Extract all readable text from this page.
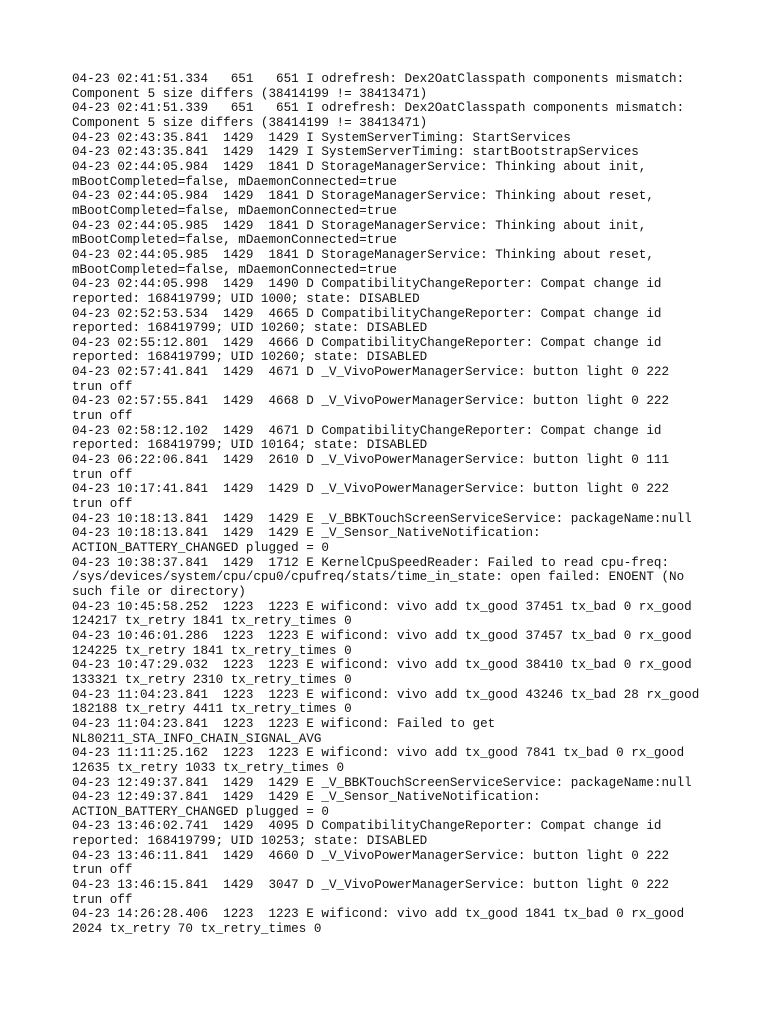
04-23 02:41:51.334   651   651 I odrefresh: Dex2OatClasspath components mismatch:
Component 5 size differs (38414199 != 38413471)
04-23 02:41:51.339   651   651 I odrefresh: Dex2OatClasspath components mismatch:
Component 5 size differs (38414199 != 38413471)
04-23 02:43:35.841  1429  1429 I SystemServerTiming: StartServices
04-23 02:43:35.841  1429  1429 I SystemServerTiming: startBootstrapServices
04-23 02:44:05.984  1429  1841 D StorageManagerService: Thinking about init,
mBootCompleted=false, mDaemonConnected=true
04-23 02:44:05.984  1429  1841 D StorageManagerService: Thinking about reset,
mBootCompleted=false, mDaemonConnected=true
04-23 02:44:05.985  1429  1841 D StorageManagerService: Thinking about init,
mBootCompleted=false, mDaemonConnected=true
04-23 02:44:05.985  1429  1841 D StorageManagerService: Thinking about reset,
mBootCompleted=false, mDaemonConnected=true
04-23 02:44:05.998  1429  1490 D CompatibilityChangeReporter: Compat change id
reported: 168419799; UID 1000; state: DISABLED
04-23 02:52:53.534  1429  4665 D CompatibilityChangeReporter: Compat change id
reported: 168419799; UID 10260; state: DISABLED
04-23 02:55:12.801  1429  4666 D CompatibilityChangeReporter: Compat change id
reported: 168419799; UID 10260; state: DISABLED
04-23 02:57:41.841  1429  4671 D _V_VivoPowerManagerService: button light 0 222
trun off
04-23 02:57:55.841  1429  4668 D _V_VivoPowerManagerService: button light 0 222
trun off
04-23 02:58:12.102  1429  4671 D CompatibilityChangeReporter: Compat change id
reported: 168419799; UID 10164; state: DISABLED
04-23 06:22:06.841  1429  2610 D _V_VivoPowerManagerService: button light 0 111
trun off
04-23 10:17:41.841  1429  1429 D _V_VivoPowerManagerService: button light 0 222
trun off
04-23 10:18:13.841  1429  1429 E _V_BBKTouchScreenServiceService: packageName:null
04-23 10:18:13.841  1429  1429 E _V_Sensor_NativeNotification:
ACTION_BATTERY_CHANGED plugged = 0
04-23 10:38:37.841  1429  1712 E KernelCpuSpeedReader: Failed to read cpu-freq:
/sys/devices/system/cpu/cpu0/cpufreq/stats/time_in_state: open failed: ENOENT (No
such file or directory)
04-23 10:45:58.252  1223  1223 E wificond: vivo add tx_good 37451 tx_bad 0 rx_good
124217 tx_retry 1841 tx_retry_times 0
04-23 10:46:01.286  1223  1223 E wificond: vivo add tx_good 37457 tx_bad 0 rx_good
124225 tx_retry 1841 tx_retry_times 0
04-23 10:47:29.032  1223  1223 E wificond: vivo add tx_good 38410 tx_bad 0 rx_good
133321 tx_retry 2310 tx_retry_times 0
04-23 11:04:23.841  1223  1223 E wificond: vivo add tx_good 43246 tx_bad 28 rx_good
182188 tx_retry 4411 tx_retry_times 0
04-23 11:04:23.841  1223  1223 E wificond: Failed to get
NL80211_STA_INFO_CHAIN_SIGNAL_AVG
04-23 11:11:25.162  1223  1223 E wificond: vivo add tx_good 7841 tx_bad 0 rx_good
12635 tx_retry 1033 tx_retry_times 0
04-23 12:49:37.841  1429  1429 E _V_BBKTouchScreenServiceService: packageName:null
04-23 12:49:37.841  1429  1429 E _V_Sensor_NativeNotification:
ACTION_BATTERY_CHANGED plugged = 0
04-23 13:46:02.741  1429  4095 D CompatibilityChangeReporter: Compat change id
reported: 168419799; UID 10253; state: DISABLED
04-23 13:46:11.841  1429  4660 D _V_VivoPowerManagerService: button light 0 222
trun off
04-23 13:46:15.841  1429  3047 D _V_VivoPowerManagerService: button light 0 222
trun off
04-23 14:26:28.406  1223  1223 E wificond: vivo add tx_good 1841 tx_bad 0 rx_good
2024 tx_retry 70 tx_retry_times 0
